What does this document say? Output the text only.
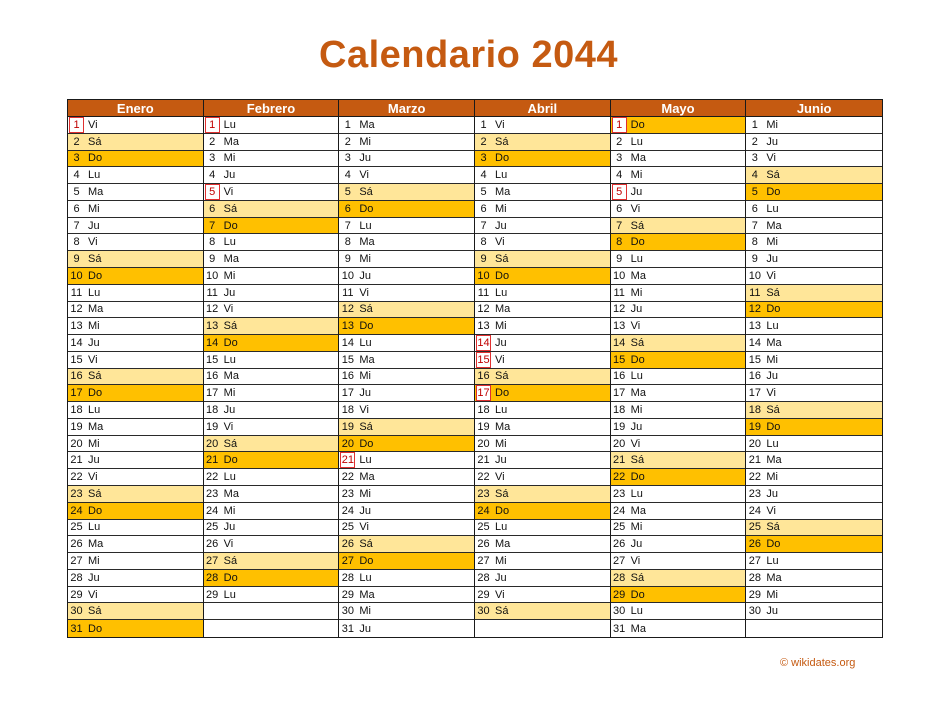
Calendario 2044
Enero
1 Vi
2 Sá
3 Do
4 Lu
5 Ma
6 Mi
7 Ju
8 Vi
9 Sá
10 Do
11 Lu
12 Ma
13 Mi
14 Ju
15 Vi
16 Sá
17 Do
18 Lu
19 Ma
20 Mi
21 Ju
22 Vi
23 Sá
24 Do
25 Lu
26 Ma
27 Mi
28 Ju
29 Vi
30 Sá
31 Do
Febrero
1 Lu
2 Ma
3 Mi
4 Ju
5 Vi
6 Sá
7 Do
8 Lu
9 Ma
10 Mi
11 Ju
12 Vi
13 Sá
14 Do
15 Lu
16 Ma
17 Mi
18 Ju
19 Vi
20 Sá
21 Do
22 Lu
23 Ma
24 Mi
25 Ju
26 Vi
27 Sá
28 Do
29 Lu
Marzo
1 Ma
2 Mi
3 Ju
4 Vi
5 Sá
6 Do
7 Lu
8 Ma
9 Mi
10 Ju
11 Vi
12 Sá
13 Do
14 Lu
15 Ma
16 Mi
17 Ju
18 Vi
19 Sá
20 Do
21 Lu
22 Ma
23 Mi
24 Ju
25 Vi
26 Sá
27 Do
28 Lu
29 Ma
30 Mi
31 Ju
Abril
1 Vi
2 Sá
3 Do
4 Lu
5 Ma
6 Mi
7 Ju
8 Vi
9 Sá
10 Do
11 Lu
12 Ma
13 Mi
14 Ju
15 Vi
16 Sá
17 Do
18 Lu
19 Ma
20 Mi
21 Ju
22 Vi
23 Sá
24 Do
25 Lu
26 Ma
27 Mi
28 Ju
29 Vi
30 Sá
Mayo
1 Do
2 Lu
3 Ma
4 Mi
5 Ju
6 Vi
7 Sá
8 Do
9 Lu
10 Ma
11 Mi
12 Ju
13 Vi
14 Sá
15 Do
16 Lu
17 Ma
18 Mi
19 Ju
20 Vi
21 Sá
22 Do
23 Lu
24 Ma
25 Mi
26 Ju
27 Vi
28 Sá
29 Do
30 Lu
31 Ma
Junio
1 Mi
2 Ju
3 Vi
4 Sá
5 Do
6 Lu
7 Ma
8 Mi
9 Ju
10 Vi
11 Sá
12 Do
13 Lu
14 Ma
15 Mi
16 Ju
17 Vi
18 Sá
19 Do
20 Lu
21 Ma
22 Mi
23 Ju
24 Vi
25 Sá
26 Do
27 Lu
28 Ma
29 Mi
30 Ju
© wikidates.org
